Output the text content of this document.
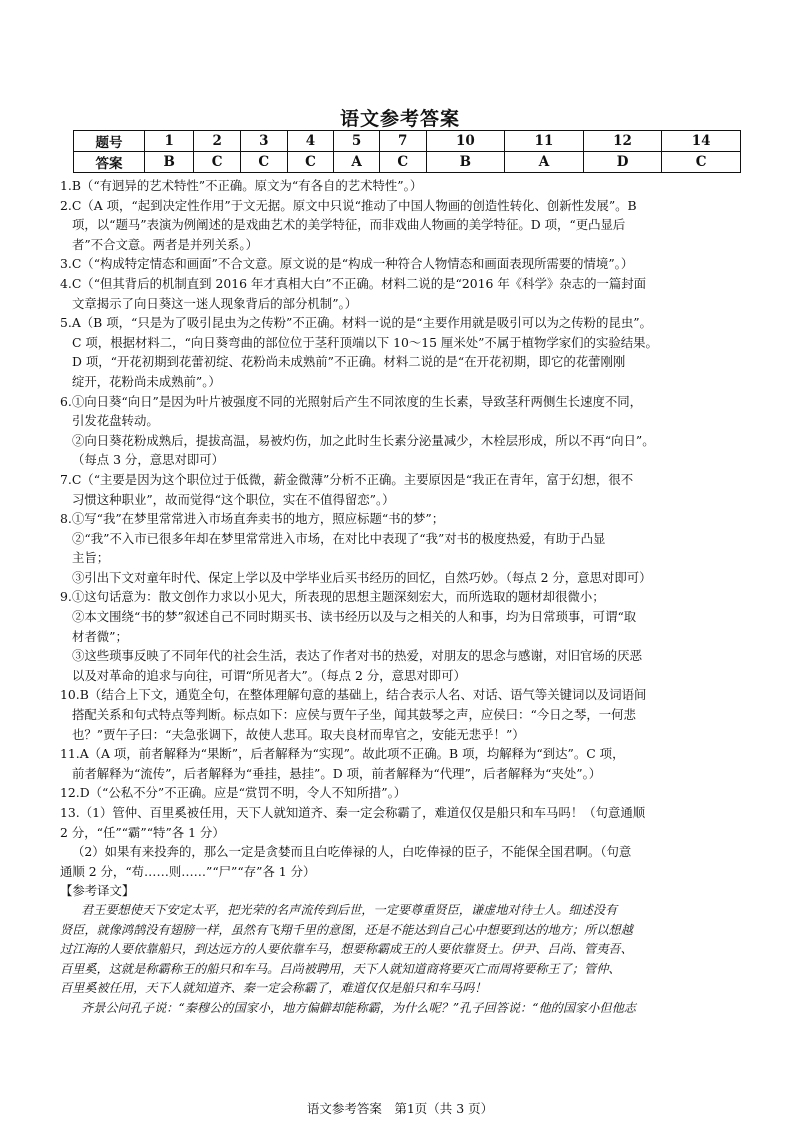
语文参考答案
题号	1	2	3	4	5	7	10	11	12	14
答案	B	C	C	C	A	C	B	A	D	C

1.B（“有迥异的艺术特性”不正确。原文为“有各自的艺术特性”。）

2.C（A 项，“起到决定性作用”于文无据。原文中只说“推动了中国人物画的创造性转化、创新性发展”。B

项，以“题马”表演为例阐述的是戏曲艺术的美学特征，而非戏曲人物画的美学特征。D 项，“更凸显后

者”不合文意。两者是并列关系。）

3.C（“构成特定情态和画面”不合文意。原文说的是“构成一种符合人物情态和画面表现所需要的情境”。）

4.C（“但其背后的机制直到 2016 年才真相大白”不正确。材料二说的是“2016 年《科学》杂志的一篇封面

文章揭示了向日葵这一迷人现象背后的部分机制”。）

5.A（B 项，“只是为了吸引昆虫为之传粉”不正确。材料一说的是“主要作用就是吸引可以为之传粉的昆虫”。

C 项，根据材料二，“向日葵弯曲的部位位于茎秆顶端以下 10～15 厘米处”不属于植物学家们的实验结果。

D 项，“开花初期到花蕾初绽、花粉尚未成熟前”不正确。材料二说的是“在开花初期，即它的花蕾刚刚

绽开，花粉尚未成熟前”。）

6.①向日葵“向日”是因为叶片被强度不同的光照射后产生不同浓度的生长素，导致茎秆两侧生长速度不同，

引发花盘转动。

②向日葵花粉成熟后，提拔高温，易被灼伤，加之此时生长素分泌量减少，木栓层形成，所以不再“向日”。

（每点 3 分，意思对即可）

7.C（“主要是因为这个职位过于低微，薪金微薄”分析不正确。主要原因是“我正在青年，富于幻想，很不

习惯这种职业”，故而觉得“这个职位，实在不值得留恋”。）

8.①写“我”在梦里常常进入市场直奔卖书的地方，照应标题“书的梦”；

②“我”不入市已很多年却在梦里常常进入市场，在对比中表现了“我”对书的极度热爱，有助于凸显

主旨；

③引出下文对童年时代、保定上学以及中学毕业后买书经历的回忆，自然巧妙。（每点 2 分，意思对即可）

9.①这句话意为：散文创作力求以小见大，所表现的思想主题深刻宏大，而所选取的题材却很微小；

②本文围绕“书的梦”叙述自己不同时期买书、读书经历以及与之相关的人和事，均为日常琐事，可谓“取

材者微”；

③这些琐事反映了不同年代的社会生活，表达了作者对书的热爱，对朋友的思念与感谢，对旧官场的厌恶

以及对革命的追求与向往，可谓“所见者大”。（每点 2 分，意思对即可）

10.B（结合上下文，通览全句，在整体理解句意的基础上，结合表示人名、对话、语气等关键词以及词语间

搭配关系和句式特点等判断。标点如下：应侯与贾午子坐，闻其鼓琴之声，应侯曰：“今日之琴，一何悲

也？”贾午子曰：“夫急张调下，故使人悲耳。取夫良材而卑官之，安能无悲乎！”）

11.A（A 项，前者解释为“果断”，后者解释为“实现”。故此项不正确。B 项，均解释为“到达”。C 项，

前者解释为“流传”，后者解释为“垂挂，悬挂”。D 项，前者解释为“代理”，后者解释为“夹处”。）

12.D（“公私不分”不正确。应是“赏罚不明，令人不知所措”。）

13.（1）管仲、百里奚被任用，天下人就知道齐、秦一定会称霸了，难道仅仅是船只和车马吗！（句意通顺

2 分，“任”“霸”“特”各 1 分）

（2）如果有来投奔的，那么一定是贪婪而且白吃俸禄的人，白吃俸禄的臣子，不能保全国君啊。（句意

通顺 2 分，“苟……则……”“尸”“存”各 1 分）

【参考译文】

君王要想使天下安定太平，把光荣的名声流传到后世，一定要尊重贤臣，谦虚地对待士人。细述没有

贤臣，就像鸿鹄没有翅膀一样，虽然有飞翔千里的意图，还是不能达到自己心中想要到达的地方；所以想越

过江海的人要依靠船只，到达远方的人要依靠车马，想要称霸成王的人要依靠贤士。伊尹、吕尚、管夷吾、

百里奚，这就是称霸称王的船只和车马。吕尚被聘用，天下人就知道商将要灭亡而周将要称王了；管仲、

百里奚被任用，天下人就知道齐、秦一定会称霸了，难道仅仅是船只和车马吗！

齐景公问孔子说：“秦穆公的国家小，地方偏僻却能称霸，为什么呢？”孔子回答说：“他的国家小但他志

语文参考答案　第1页（共 3 页）
